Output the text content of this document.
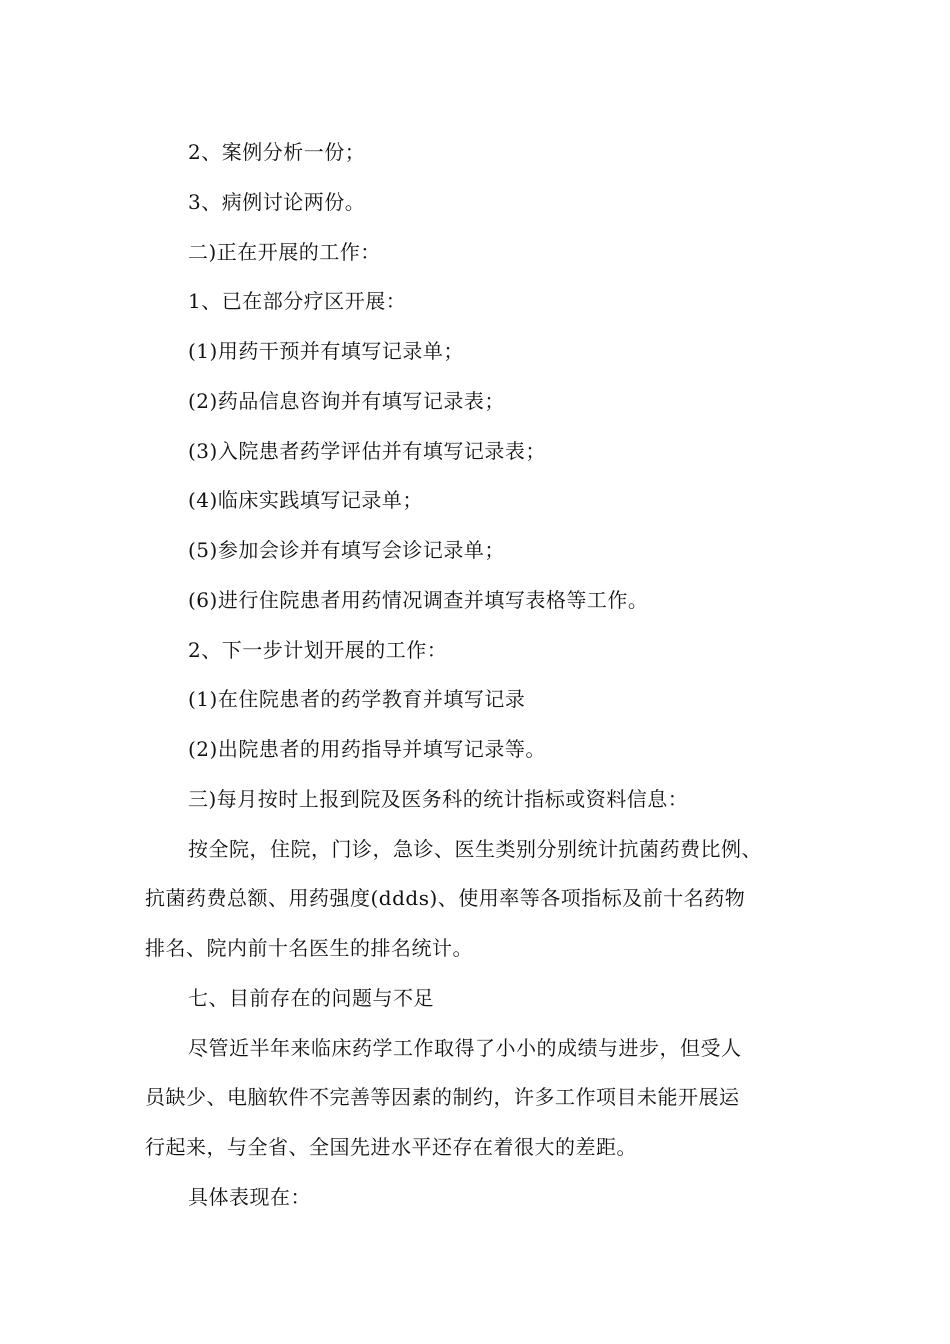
2、案例分析一份；
3、病例讨论两份。
二)正在开展的工作：
1、已在部分疗区开展：
(1)用药干预并有填写记录单；
(2)药品信息咨询并有填写记录表；
(3)入院患者药学评估并有填写记录表；
(4)临床实践填写记录单；
(5)参加会诊并有填写会诊记录单；
(6)进行住院患者用药情况调查并填写表格等工作。
2、下一步计划开展的工作：
(1)在住院患者的药学教育并填写记录
(2)出院患者的用药指导并填写记录等。
三)每月按时上报到院及医务科的统计指标或资料信息：
按全院，住院，门诊，急诊、医生类别分别统计抗菌药费比例、
抗菌药费总额、用药强度(ddds)、使用率等各项指标及前十名药物
排名、院内前十名医生的排名统计。
七、目前存在的问题与不足
尽管近半年来临床药学工作取得了小小的成绩与进步，但受人
员缺少、电脑软件不完善等因素的制约，许多工作项目未能开展运
行起来，与全省、全国先进水平还存在着很大的差距。
具体表现在：
